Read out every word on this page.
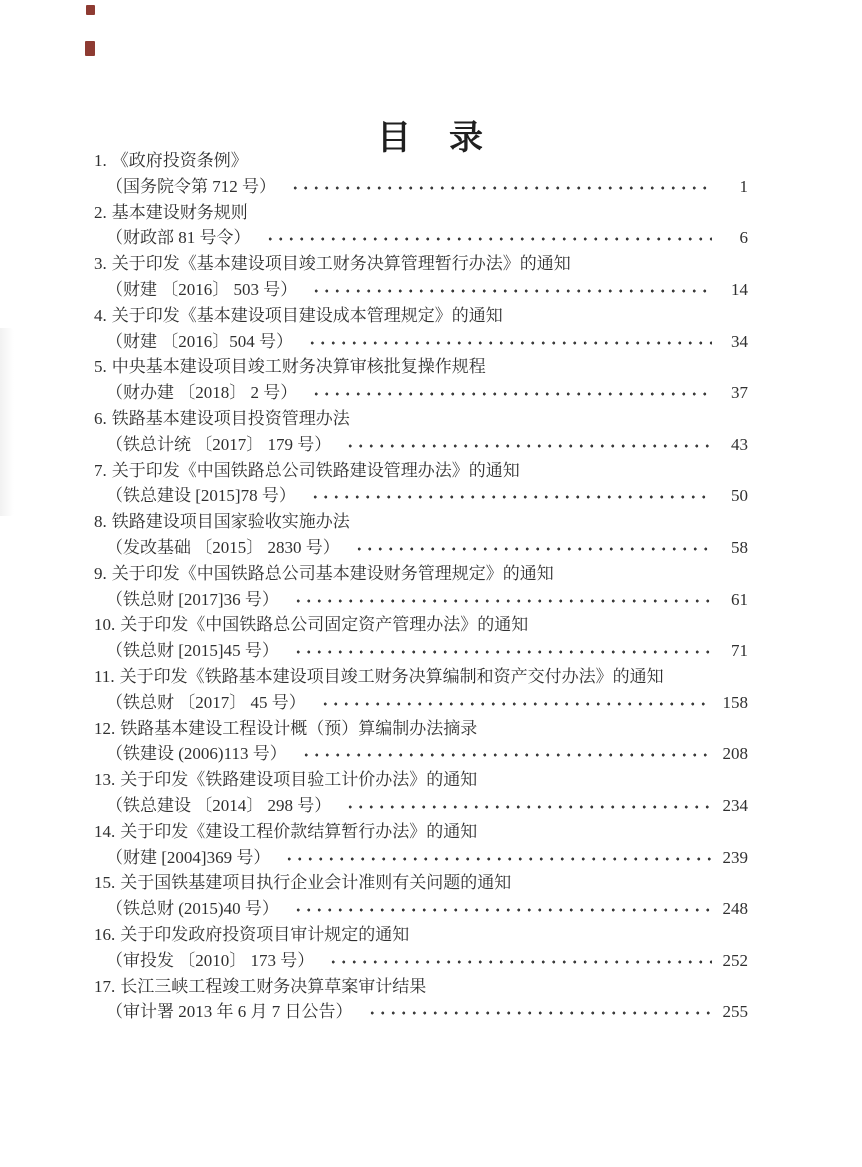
目　录
1. 《政府投资条例》
（国务院令第 712 号）	1
2. 基本建设财务规则
（财政部 81 号令）	6
3. 关于印发《基本建设项目竣工财务决算管理暂行办法》的通知
（财建 〔2016〕 503 号）	14
4. 关于印发《基本建设项目建设成本管理规定》的通知
（财建 〔2016〕504 号）	34
5. 中央基本建设项目竣工财务决算审核批复操作规程
（财办建 〔2018〕 2 号）	37
6. 铁路基本建设项目投资管理办法
（铁总计统 〔2017〕 179 号）	43
7. 关于印发《中国铁路总公司铁路建设管理办法》的通知
（铁总建设 [2015]78 号）	50
8. 铁路建设项目国家验收实施办法
（发改基础 〔2015〕 2830 号）	58
9. 关于印发《中国铁路总公司基本建设财务管理规定》的通知
（铁总财 [2017]36 号）	61
10. 关于印发《中国铁路总公司固定资产管理办法》的通知
（铁总财 [2015]45 号）	71
11. 关于印发《铁路基本建设项目竣工财务决算编制和资产交付办法》的通知
（铁总财 〔2017〕 45 号）	158
12. 铁路基本建设工程设计概（预）算编制办法摘录
（铁建设 (2006)113 号）	208
13. 关于印发《铁路建设项目验工计价办法》的通知
（铁总建设 〔2014〕 298 号）	234
14. 关于印发《建设工程价款结算暂行办法》的通知
（财建 [2004]369 号）	239
15. 关于国铁基建项目执行企业会计准则有关问题的通知
（铁总财 (2015)40 号）	248
16. 关于印发政府投资项目审计规定的通知
（审投发 〔2010〕 173 号）	252
17. 长江三峡工程竣工财务决算草案审计结果
（审计署 2013 年 6 月 7 日公告）	255
